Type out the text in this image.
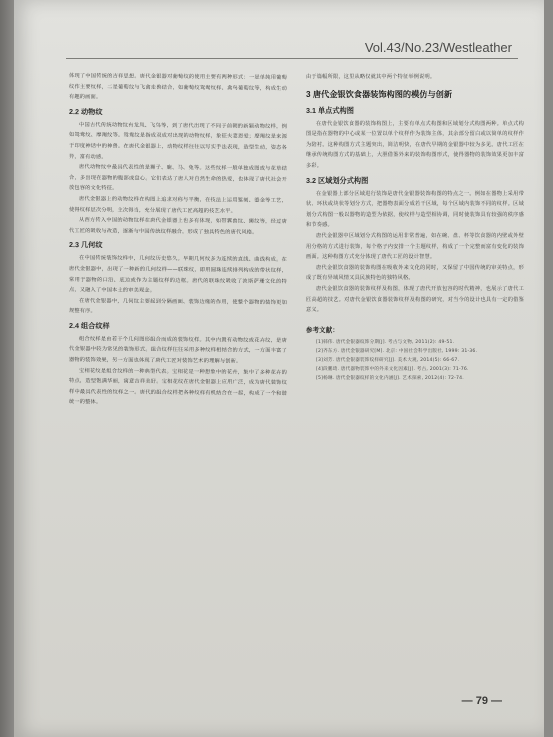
Vol.43/No.23/Westleather

体现了中国传统的吉祥思想。唐代金银器对葡萄纹的使用主要有两种形式：一是单纯用葡萄纹作主要纹样，二是葡萄纹与飞禽走兽结合，如葡萄纹鸳鸯纹样、禽鸟葡萄纹等，构成生动有趣的画面。

2.2 动物纹

中国古代传统动物纹有龙凤、飞鸟等，到了唐代出现了不同于前朝的新颖动物纹样，例如鸳鸯纹、摩羯纹等。鸳鸯纹是指成双成对出现的动物纹样，象征夫妻恩爱；摩羯纹是来源于印度神话中的神兽。在唐代金银器上，动物纹样往往以写实手法表现，造型生动，姿态各异，富有动感。

唐代动物纹中最具代表性的是狮子、鹿、马、兔等。这些纹样一般单独成图或与花草结合，多出现在器物的腹部或盘心。它们表达了唐人对自然生命的热爱，也体现了唐代社会开放包容的文化特征。

唐代金银器上的动物纹样在构图上追求对称与平衡，在技法上运用錾刻、鎏金等工艺，使得纹样层次分明，主次得当，充分展现了唐代工匠高超的技艺水平。

从西方传入中国的动物纹样在唐代金银器上也多有体现，如带翼兽纹、狮纹等，经过唐代工匠的吸收与改造，逐渐与中国传统纹样融合，形成了独具特色的唐代风格。

2.3 几何纹

在中国传统装饰纹样中，几何纹历史悠久。早期几何纹多为连续的直线、曲线构成。在唐代金银器中，出现了一种新的几何纹样——联珠纹，即用圆珠连续排列构成的带状纹样，常用于器物的口沿、底边或作为主题纹样的边框。唐代的联珠纹吸收了波斯萨珊文化的特点，又融入了中国本土的审美观念。

在唐代金银器中，几何纹主要起到分隔画面、装饰边缘的作用，使整个器物的装饰更加规整有序。

2.4 组合纹样

组合纹样是由若干个几何图形组合而成的装饰纹样。其中内置有动物纹或花卉纹，是唐代金银器中较为常见的装饰形式。组合纹样往往采用多种纹样相结合的方式，一方面丰富了器物的装饰效果，另一方面也体现了唐代工匠对装饰艺术的理解与创新。

宝相花纹是组合纹样的一种典型代表。宝相花是一种想象中的花卉，集中了多种花卉的特点，造型饱满华丽，寓意吉祥美好。宝相花纹在唐代金银器上应用广泛，成为唐代装饰纹样中最具代表性的纹样之一。唐代的组合纹样把各种纹样有机结合在一起，构成了一个和谐统一的整体。

由于篇幅所限，这里从略仅就其中两个特征举例说明。

3 唐代金银饮食器装饰构图的模仿与创新
3.1 单点式构图

在唐代金银饮食器的装饰构图上，主要有单点式构图和区域划分式构图两种。单点式构图是指在器物的中心或某一位置以单个纹样作为装饰主体，其余部分留白或以简单的纹样作为陪衬。这种构图方式主题突出，简洁明快，在唐代早期的金银器中较为多见。唐代工匠在继承传统构图方式的基础上，大胆借鉴外来的装饰构图形式，使得器物的装饰效果更加丰富多彩。

3.2 区域划分式构图

在金银器上部分区域进行装饰是唐代金银器装饰构图的特点之一。例如在器物上采用带状、环状或块状等划分方式，把器物表面分成若干区域，每个区域内装饰不同的纹样。区域划分式构图一般以器物的造型为依据，使纹样与造型相协调，同时使装饰具有较强的秩序感和节奏感。

唐代金银器中区域划分式构图的运用非常普遍，如在碗、盘、杯等饮食器的内壁或外壁用分格的方式进行装饰，每个格子内安排一个主题纹样，构成了一个完整而富有变化的装饰画面。这种构图方式充分体现了唐代工匠的设计智慧。

唐代金银饮食器的装饰构图在吸收外来文化的同时，又保留了中国传统的审美特点，形成了既有异域风情又具民族特色的独特风格。

唐代金银饮食器的装饰纹样及构图，体现了唐代开放包容的时代精神，也展示了唐代工匠高超的技艺。对唐代金银饮食器装饰纹样及构图的研究，对当今的设计也具有一定的借鉴意义。

参考文献：

[1]韩伟. 唐代金银器纹饰分期[J]. 考古与文物, 2011(2): 49-51.

[2]齐东方. 唐代金银器研究[M]. 北京: 中国社会科学出版社, 1999: 31-36.

[3]刘芳. 唐代金银器装饰纹样研究[J]. 美术大观, 2014(5): 66-67.

[4]段鹏琦. 唐代器物装饰中的外来文化因素[J]. 考古, 2001(3): 71-76.

[5]杨琳. 唐代金银器纹样的文化内涵[J]. 艺术探索, 2012(4): 72-74.

— 79 —
